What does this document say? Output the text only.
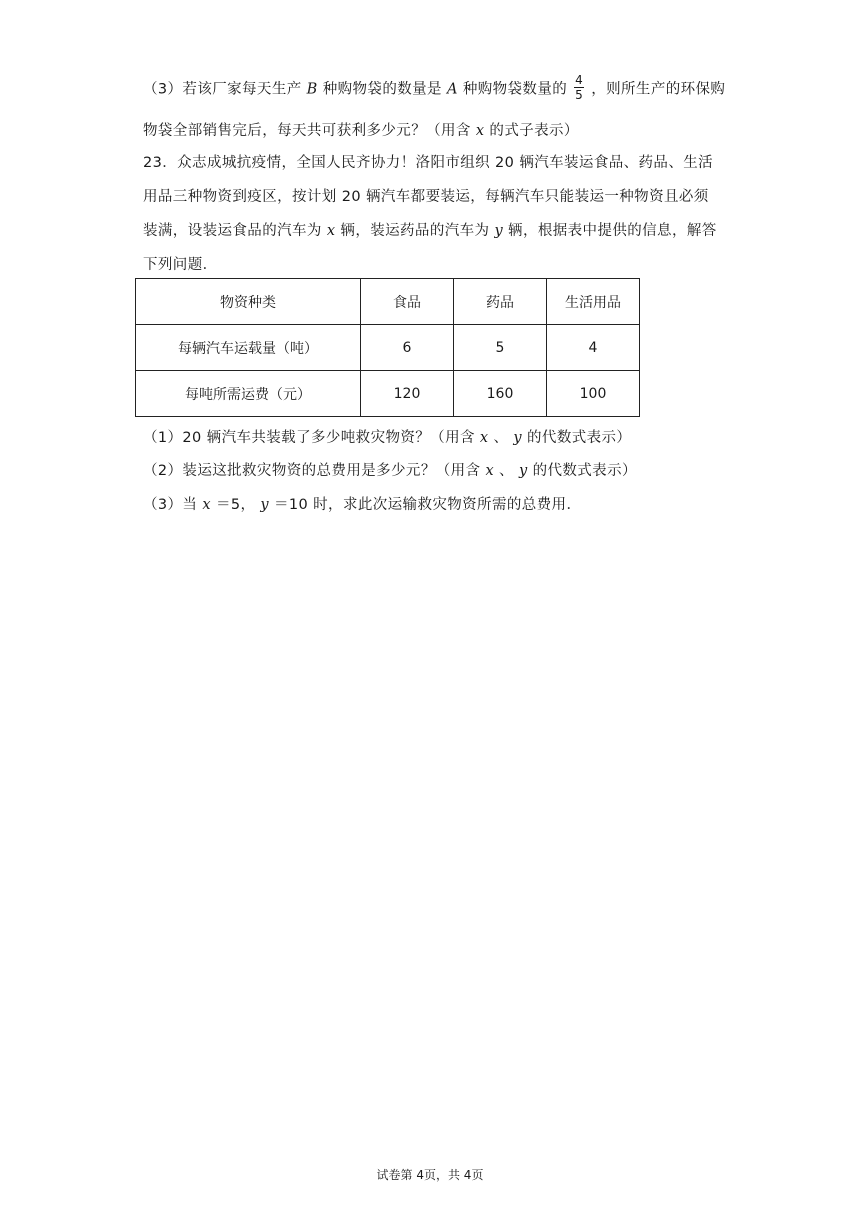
（3）若该厂家每天生产 B 种购物袋的数量是 A 种购物袋数量的 $\frac{4}{5}$ ，则所生产的环保购
物袋全部销售完后，每天共可获利多少元？（用含 x 的式子表示）
23．众志成城抗疫情，全国人民齐协力！洛阳市组织 20 辆汽车装运食品、药品、生活
用品三种物资到疫区，按计划 20 辆汽车都要装运，每辆汽车只能装运一种物资且必须
装满，设装运食品的汽车为 x 辆，装运药品的汽车为 y 辆，根据表中提供的信息，解答
下列问题．
物资种类	食品	药品	生活用品
每辆汽车运载量（吨）	6	5	4
每吨所需运费（元）	120	160	100
（1）20 辆汽车共装载了多少吨救灾物资？（用含 x 、 y 的代数式表示）
（2）装运这批救灾物资的总费用是多少元？（用含 x 、 y 的代数式表示）
（3）当 x ＝5， y ＝10 时，求此次运输救灾物资所需的总费用．
试卷第 4页，共 4页
